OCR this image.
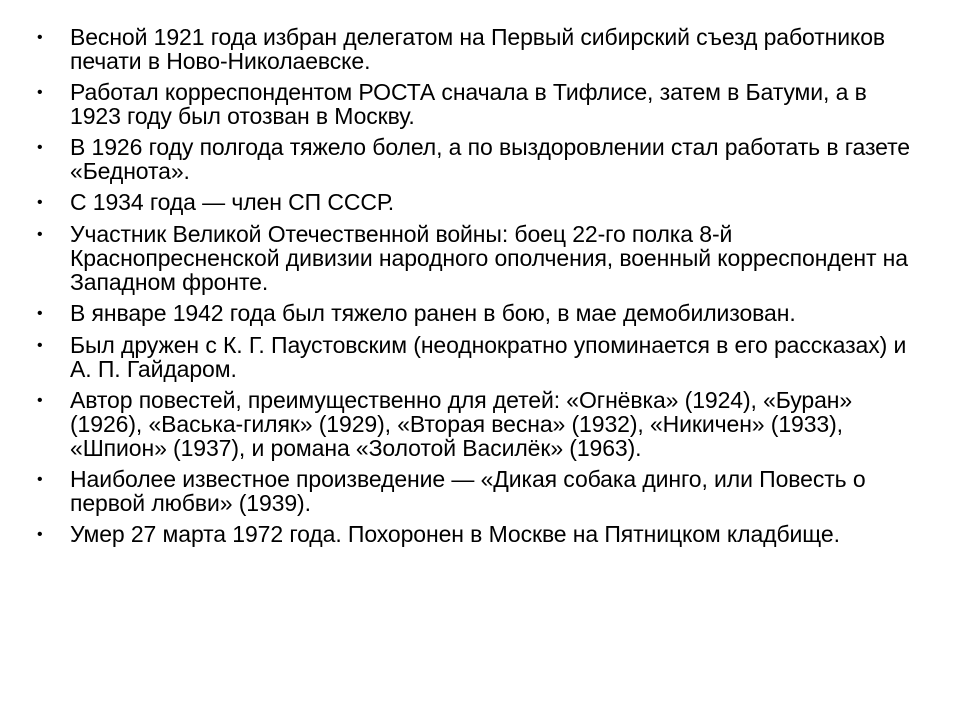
•	Весной 1921 года избран делегатом на Первый сибирский съезд работников печати в Ново-Николаевске.
•	Работал корреспондентом РОСТА сначала в Тифлисе, затем в Батуми, а в 1923 году был отозван в Москву.
•	В 1926 году полгода тяжело болел, а по выздоровлении стал работать в газете «Беднота».
•	С 1934 года — член СП СССР.
•	Участник Великой Отечественной войны: боец 22-го полка 8-й Краснопресненской дивизии народного ополчения, военный корреспондент на Западном фронте.
•	В январе 1942 года был тяжело ранен в бою, в мае демобилизован.
•	Был дружен с К. Г. Паустовским (неоднократно упоминается в его рассказах) и А. П. Гайдаром.
•	Автор повестей, преимущественно для детей: «Огнёвка» (1924), «Буран» (1926), «Васька-гиляк» (1929), «Вторая весна» (1932), «Никичен» (1933), «Шпион» (1937), и романа «Золотой Василёк» (1963).
•	Наиболее известное произведение — «Дикая собака динго, или Повесть о первой любви» (1939).
•	Умер 27 марта 1972 года. Похоронен в Москве на Пятницком кладбище.
